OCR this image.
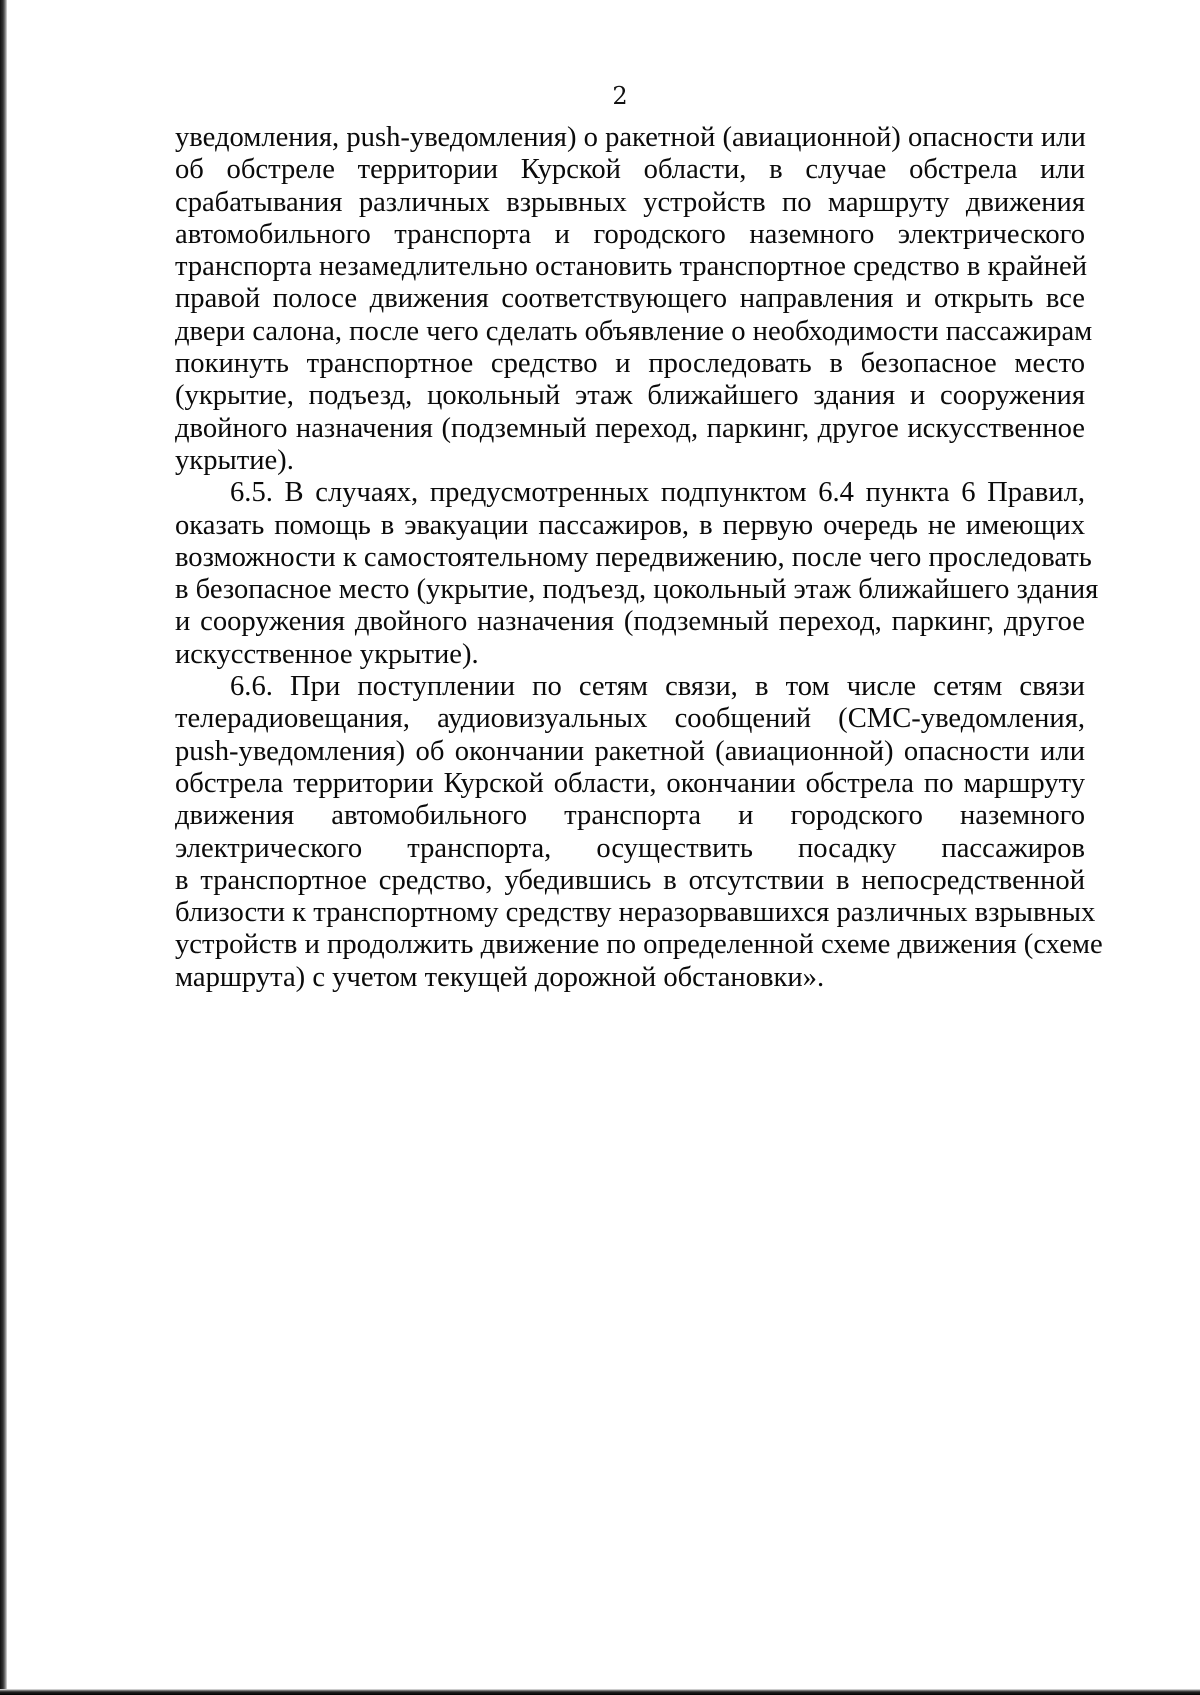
2
уведомления, push-уведомления) о ракетной (авиационной) опасности или
об обстреле территории Курской области, в случае обстрела или
срабатывания различных взрывных устройств по маршруту движения
автомобильного транспорта и городского наземного электрического
транспорта незамедлительно остановить транспортное средство в крайней
правой полосе движения соответствующего направления и открыть все
двери салона, после чего сделать объявление о необходимости пассажирам
покинуть транспортное средство и проследовать в безопасное место
(укрытие, подъезд, цокольный этаж ближайшего здания и сооружения
двойного назначения (подземный переход, паркинг, другое искусственное
укрытие).
6.5. В случаях, предусмотренных подпунктом 6.4 пункта 6 Правил,
оказать помощь в эвакуации пассажиров, в первую очередь не имеющих
возможности к самостоятельному передвижению, после чего проследовать
в безопасное место (укрытие, подъезд, цокольный этаж ближайшего здания
и сооружения двойного назначения (подземный переход, паркинг, другое
искусственное укрытие).
6.6. При поступлении по сетям связи, в том числе сетям связи
телерадиовещания, аудиовизуальных сообщений (СМС-уведомления,
push-уведомления) об окончании ракетной (авиационной) опасности или
обстрела территории Курской области, окончании обстрела по маршруту
движения автомобильного транспорта и городского наземного
электрического транспорта, осуществить посадку пассажиров
в транспортное средство, убедившись в отсутствии в непосредственной
близости к транспортному средству неразорвавшихся различных взрывных
устройств и продолжить движение по определенной схеме движения (схеме
маршрута) с учетом текущей дорожной обстановки».
